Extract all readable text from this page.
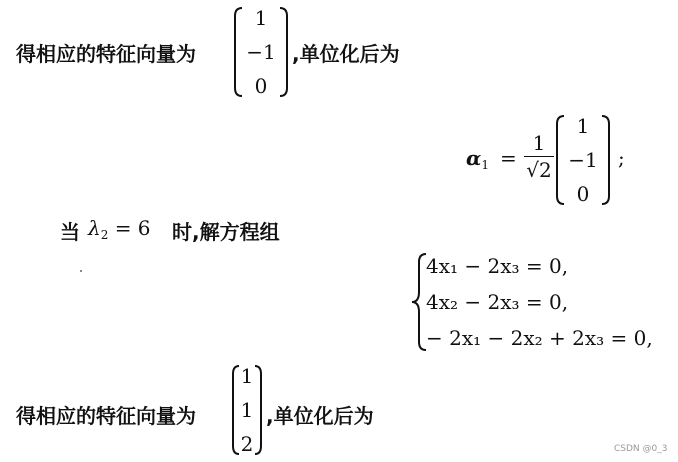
得相应的特征向量为
1
−1
0
,单位化后为
$\alpha_1$ =
1
√2
1
−1
0
;
当 $\lambda_2 = 6$ 时,解方程组
4x₁ − 2x₃ = 0,
4x₂ − 2x₃ = 0,
− 2x₁ − 2x₂ + 2x₃ = 0,
得相应的特征向量为
1
1
2
,单位化后为
CSDN @0_3
